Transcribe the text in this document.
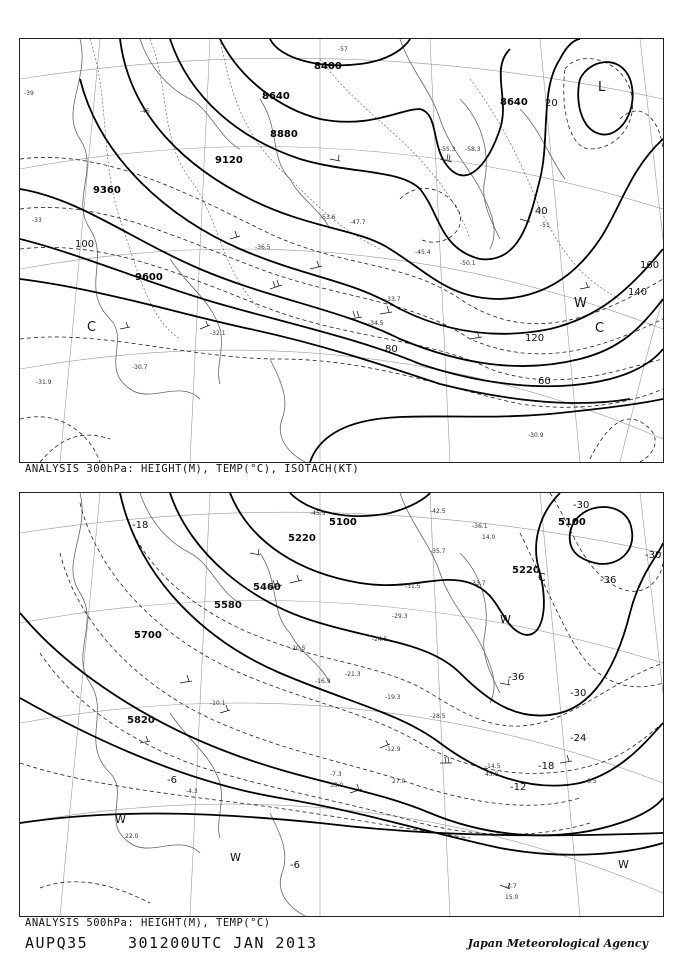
8400
8640
8640
8880
9120
9360
9600
20
40
60
80
100
120
140
160
-39
-45
-33
-57
-51
-55.3
-53.6
-50.1
-45.4
-36.5
-33.7
-34.5
-32.1
-31.9
-30.7
-30.9
-47.7
-58.3
L
C	C
W
ANALYSIS 300hPa: HEIGHT(M), TEMP(°C), ISOTACH(KT)
5100	5100
5220
5220
5460
5580
5700
5820
-18
-30
-30
-30
-36
-36
-24
-18
-12
-6
-6
-45.5	-42.5
-36.1
-35.7
-33.7
-31.5
-29.3
-28.5
-24.5
-21.3
-20.5
-19.3
-16.9
-14.5
-12.9
-10.1
-8.5
-7.3
-4.3
-3.7
14.0
15.0
22.0
27.0
33.0
45.0
C
W
W
W
W
ANALYSIS 500hPa: HEIGHT(M), TEMP(°C)
AUPQ35	301200UTC JAN 2013	Japan Meteorological Agency
